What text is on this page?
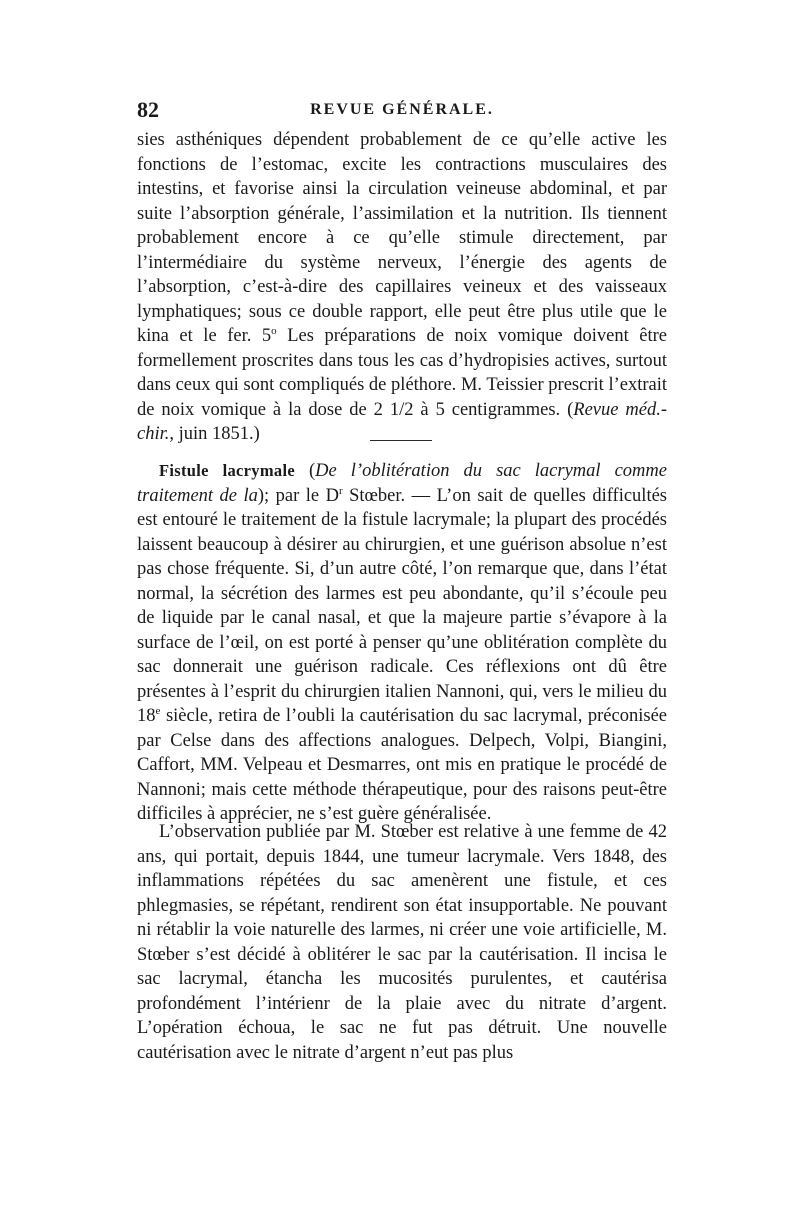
82	REVUE GÉNÉRALE.

sies asthéniques dépendent probablement de ce qu’elle active les fonctions de l’estomac, excite les contractions musculaires des intestins, et favorise ainsi la circulation veineuse abdominal, et par suite l’absorption générale, l’assimilation et la nutrition. Ils tiennent probablement encore à ce qu’elle stimule directement, par l’intermédiaire du système nerveux, l’énergie des agents de l’absorption, c’est-à-dire des capillaires veineux et des vaisseaux lymphatiques; sous ce double rapport, elle peut être plus utile que le kina et le fer. 5$^o$ Les préparations de noix vomique doivent être formellement proscrites dans tous les cas d’hydropisies actives, surtout dans ceux qui sont compliqués de pléthore. M. Teissier prescrit l’extrait de noix vomique à la dose de 2 1/2 à 5 centigrammes. (Revue méd.-chir., juin 1851.)

Fistule lacrymale (De l’oblitération du sac lacrymal comme traitement de la); par le $D^r$ Stœber. — L’on sait de quelles difficultés est entouré le traitement de la fistule lacrymale; la plupart des procédés laissent beaucoup à désirer au chirurgien, et une guérison absolue n’est pas chose fréquente. Si, d’un autre côté, l’on remarque que, dans l’état normal, la sécrétion des larmes est peu abondante, qu’il s’écoule peu de liquide par le canal nasal, et que la majeure partie s’évapore à la surface de l’œil, on est porté à penser qu’une oblitération complète du sac donnerait une guérison radicale. Ces réflexions ont dû être présentes à l’esprit du chirurgien italien Nannoni, qui, vers le milieu du 18e siècle, retira de l’oubli la cautérisation du sac lacrymal, préconisée par Celse dans des affections analogues. Delpech, Volpi, Biangini, Caffort, MM. Velpeau et Desmarres, ont mis en pratique le procédé de Nannoni; mais cette méthode thérapeutique, pour des raisons peut-être difficiles à apprécier, ne s’est guère généralisée.

L’observation publiée par M. Stœber est relative à une femme de 42 ans, qui portait, depuis 1844, une tumeur lacrymale. Vers 1848, des inflammations répétées du sac amenèrent une fistule, et ces phlegmasies, se répétant, rendirent son état insupportable. Ne pouvant ni rétablir la voie naturelle des larmes, ni créer une voie artificielle, M. Stœber s’est décidé à oblitérer le sac par la cautérisation. Il incisa le sac lacrymal, étancha les mucosités purulentes, et cautérisa profondément l’intérienr de la plaie avec du nitrate d’argent. L’opération échoua, le sac ne fut pas détruit. Une nouvelle cautérisation avec le nitrate d’argent n’eut pas plus
